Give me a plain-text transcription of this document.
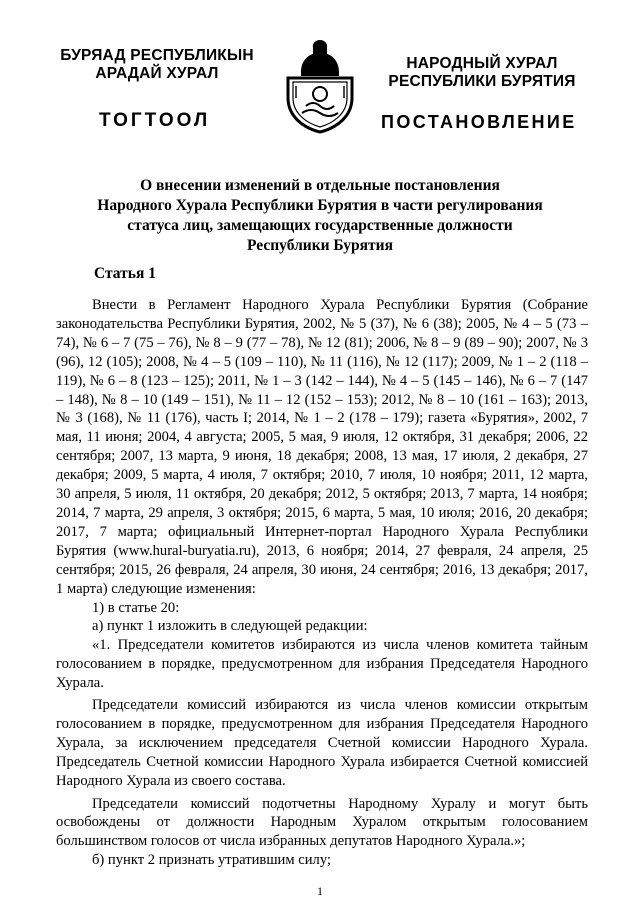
БУРЯАД РЕСПУБЛИКЫН
АРАДАЙ ХУРАЛ
НАРОДНЫЙ ХУРАЛ
РЕСПУБЛИКИ БУРЯТИЯ
ТОГТООЛ	ПОСТАНОВЛЕНИЕ
О внесении изменений в отдельные постановления
Народного Хурала Республики Бурятия в части регулирования
статуса лиц, замещающих государственные должности
Республики Бурятия
Статья 1

Внести в Регламент Народного Хурала Республики Бурятия (Собрание законодательства Республики Бурятия, 2002, № 5 (37), № 6 (38); 2005, № 4 – 5 (73 – 74), № 6 – 7 (75 – 76), № 8 – 9 (77 – 78), № 12 (81); 2006, № 8 – 9 (89 – 90); 2007, № 3 (96), 12 (105); 2008, № 4 – 5 (109 – 110), № 11 (116), № 12 (117); 2009, № 1 – 2 (118 – 119), № 6 – 8 (123 – 125); 2011, № 1 – 3 (142 – 144), № 4 – 5 (145 – 146), № 6 – 7 (147 – 148), № 8 – 10 (149 – 151), № 11 – 12 (152 – 153); 2012, № 8 – 10 (161 – 163); 2013, № 3 (168), № 11 (176), часть I; 2014, № 1 – 2 (178 – 179); газета «Бурятия», 2002, 7 мая, 11 июня; 2004, 4 августа; 2005, 5 мая, 9 июля, 12 октября, 31 декабря; 2006, 22 сентября; 2007, 13 марта, 9 июня, 18 декабря; 2008, 13 мая, 17 июля, 2 декабря, 27 декабря; 2009, 5 марта, 4 июля, 7 октября; 2010, 7 июля, 10 ноября; 2011, 12 марта, 30 апреля, 5 июля, 11 октября, 20 декабря; 2012, 5 октября; 2013, 7 марта, 14 ноября; 2014, 7 марта, 29 апреля, 3 октября; 2015, 6 марта, 5 мая, 10 июля; 2016, 20 декабря; 2017, 7 марта; официальный Интернет-портал Народного Хурала Республики Бурятия (www.hural-buryatia.ru), 2013, 6 ноября; 2014, 27 февраля, 24 апреля, 25 сентября; 2015, 26 февраля, 24 апреля, 30 июня, 24 сентября; 2016, 13 декабря; 2017, 1 марта) следующие изменения:

1) в статье 20:

а) пункт 1 изложить в следующей редакции:

«1. Председатели комитетов избираются из числа членов комитета тайным голосованием в порядке, предусмотренном для избрания Председателя Народного Хурала.

Председатели комиссий избираются из числа членов комиссии открытым голосованием в порядке, предусмотренном для избрания Председателя Народного Хурала, за исключением председателя Счетной комиссии Народного Хурала. Председатель Счетной комиссии Народного Хурала избирается Счетной комиссией Народного Хурала из своего состава.

Председатели комиссий подотчетны Народному Хуралу и могут быть освобождены от должности Народным Хуралом открытым голосованием большинством голосов от числа избранных депутатов Народного Хурала.»;

б) пункт 2 признать утратившим силу;

1
